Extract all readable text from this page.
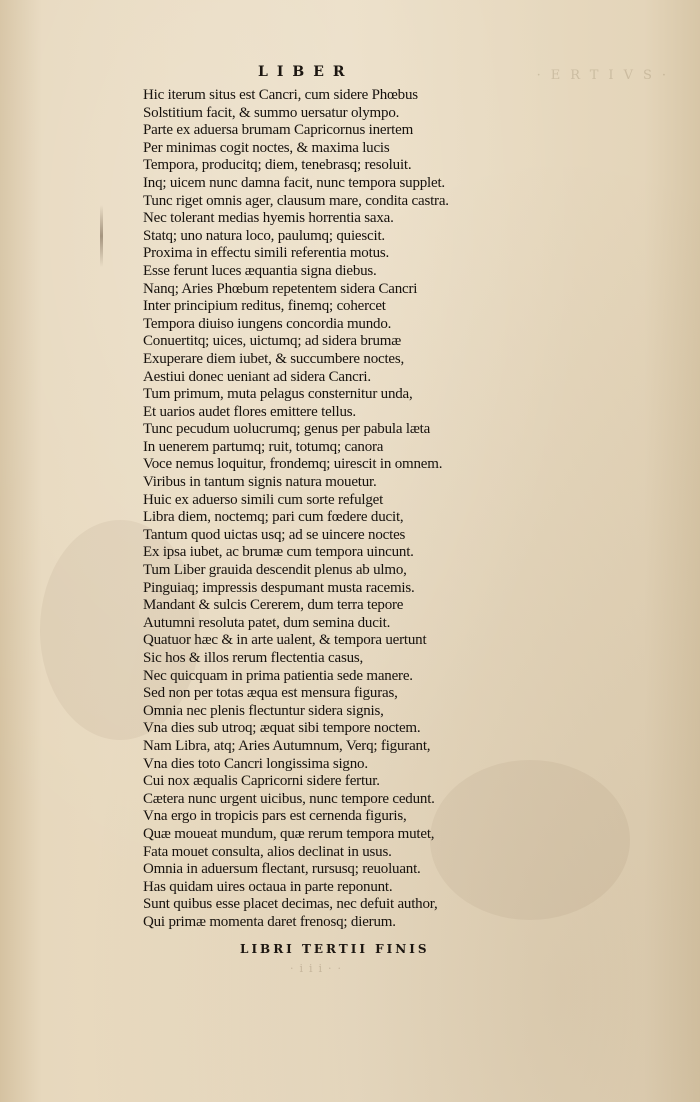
·ERTIVS·
LIBER
Hic iterum situs est Cancri, cum sidere Phœbus
Solstitium facit, & summo uersatur olympo.
Parte ex aduersa brumam Capricornus inertem
Per minimas cogit noctes, & maxima lucis
Tempora, producitq; diem, tenebrasq; resoluit.
Inq; uicem nunc damna facit, nunc tempora supplet.
Tunc riget omnis ager, clausum mare, condita castra.
Nec tolerant medias hyemis horrentia saxa.
Statq; uno natura loco, paulumq; quiescit.
Proxima in effectu simili referentia motus.
Esse ferunt luces æquantia signa diebus.
Nanq; Aries Phœbum repetentem sidera Cancri
Inter principium reditus, finemq; cohercet
Tempora diuiso iungens concordia mundo.
Conuertitq; uices, uictumq; ad sidera brumæ
Exuperare diem iubet, & succumbere noctes,
Aestiui donec ueniant ad sidera Cancri.
Tum primum, muta pelagus consternitur unda,
Et uarios audet flores emittere tellus.
Tunc pecudum uolucrumq; genus per pabula læta
In uenerem partumq; ruit, totumq; canora
Voce nemus loquitur, frondemq; uirescit in omnem.
Viribus in tantum signis natura mouetur.
Huic ex aduerso simili cum sorte refulget
Libra diem, noctemq; pari cum fœdere ducit,
Tantum quod uictas usq; ad se uincere noctes
Ex ipsa iubet, ac brumæ cum tempora uincunt.
Tum Liber grauida descendit plenus ab ulmo,
Pinguiaq; impressis despumant musta racemis.
Mandant & sulcis Cererem, dum terra tepore
Autumni resoluta patet, dum semina ducit.
Quatuor hæc & in arte ualent, & tempora uertunt
Sic hos & illos rerum flectentia casus,
Nec quicquam in prima patientia sede manere.
Sed non per totas æqua est mensura figuras,
Omnia nec plenis flectuntur sidera signis,
Vna dies sub utroq; æquat sibi tempore noctem.
Nam Libra, atq; Aries Autumnum, Verq; figurant,
Vna dies toto Cancri longissima signo.
Cui nox æqualis Capricorni sidere fertur.
Cætera nunc urgent uicibus, nunc tempore cedunt.
Vna ergo in tropicis pars est cernenda figuris,
Quæ moueat mundum, quæ rerum tempora mutet,
Fata mouet consulta, alios declinat in usus.
Omnia in aduersum flectant, rursusq; reuoluant.
Has quidam uires octaua in parte reponunt.
Sunt quibus esse placet decimas, nec defuit author,
Qui primæ momenta daret frenosq; dierum.
LIBRI TERTII FINIS
·iii··
